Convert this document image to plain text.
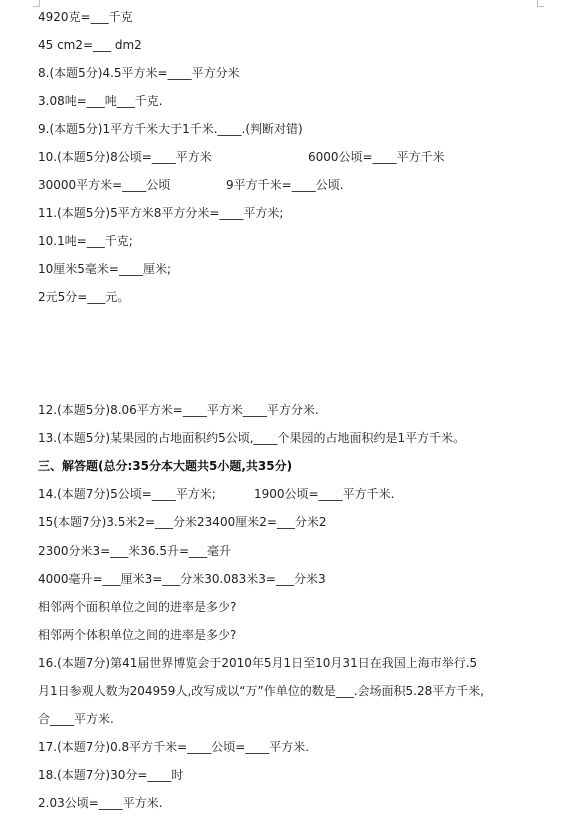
4920克=___千克
45 cm2=___ dm2
8.(本题5分)4.5平方米=____平方分米
3.08吨=___吨___千克.
9.(本题5分)1平方千米大于1千米.____.(判断对错)
10.(本题5分)8公顷=____平方米
30000平方米=____公顷
11.(本题5分)5平方米8平方分米=____平方米;
10.1吨=___千克;
10厘米5毫米=____厘米;
2元5分=___元。
12.(本题5分)8.06平方米=____平方米____平方分米.
13.(本题5分)某果园的占地面积约5公顷,____个果园的占地面积约是1平方千米。
三、解答题(总分:35分本大题共5小题,共35分)
14.(本题7分)5公顷=____平方米;
15(本题7分)3.5米2=___分米23400厘米2=___分米2
2300分米3=___米36.5升=___毫升
4000毫升=___厘米3=___分米30.083米3=___分米3
相邻两个面积单位之间的进率是多少?
相邻两个体积单位之间的进率是多少?
16.(本题7分)第41届世界博览会于2010年5月1日至10月31日在我国上海市举行.5
月1日参观人数为204959人,改写成以“万”作单位的数是___.会场面积5.28平方千米,
合____平方米.
17.(本题7分)0.8平方千米=____公顷=____平方米.
18.(本题7分)30分=____时
2.03公顷=____平方米.
6000公顷=____平方千米
9平方千米=____公顷.
1900公顷=____平方千米.
